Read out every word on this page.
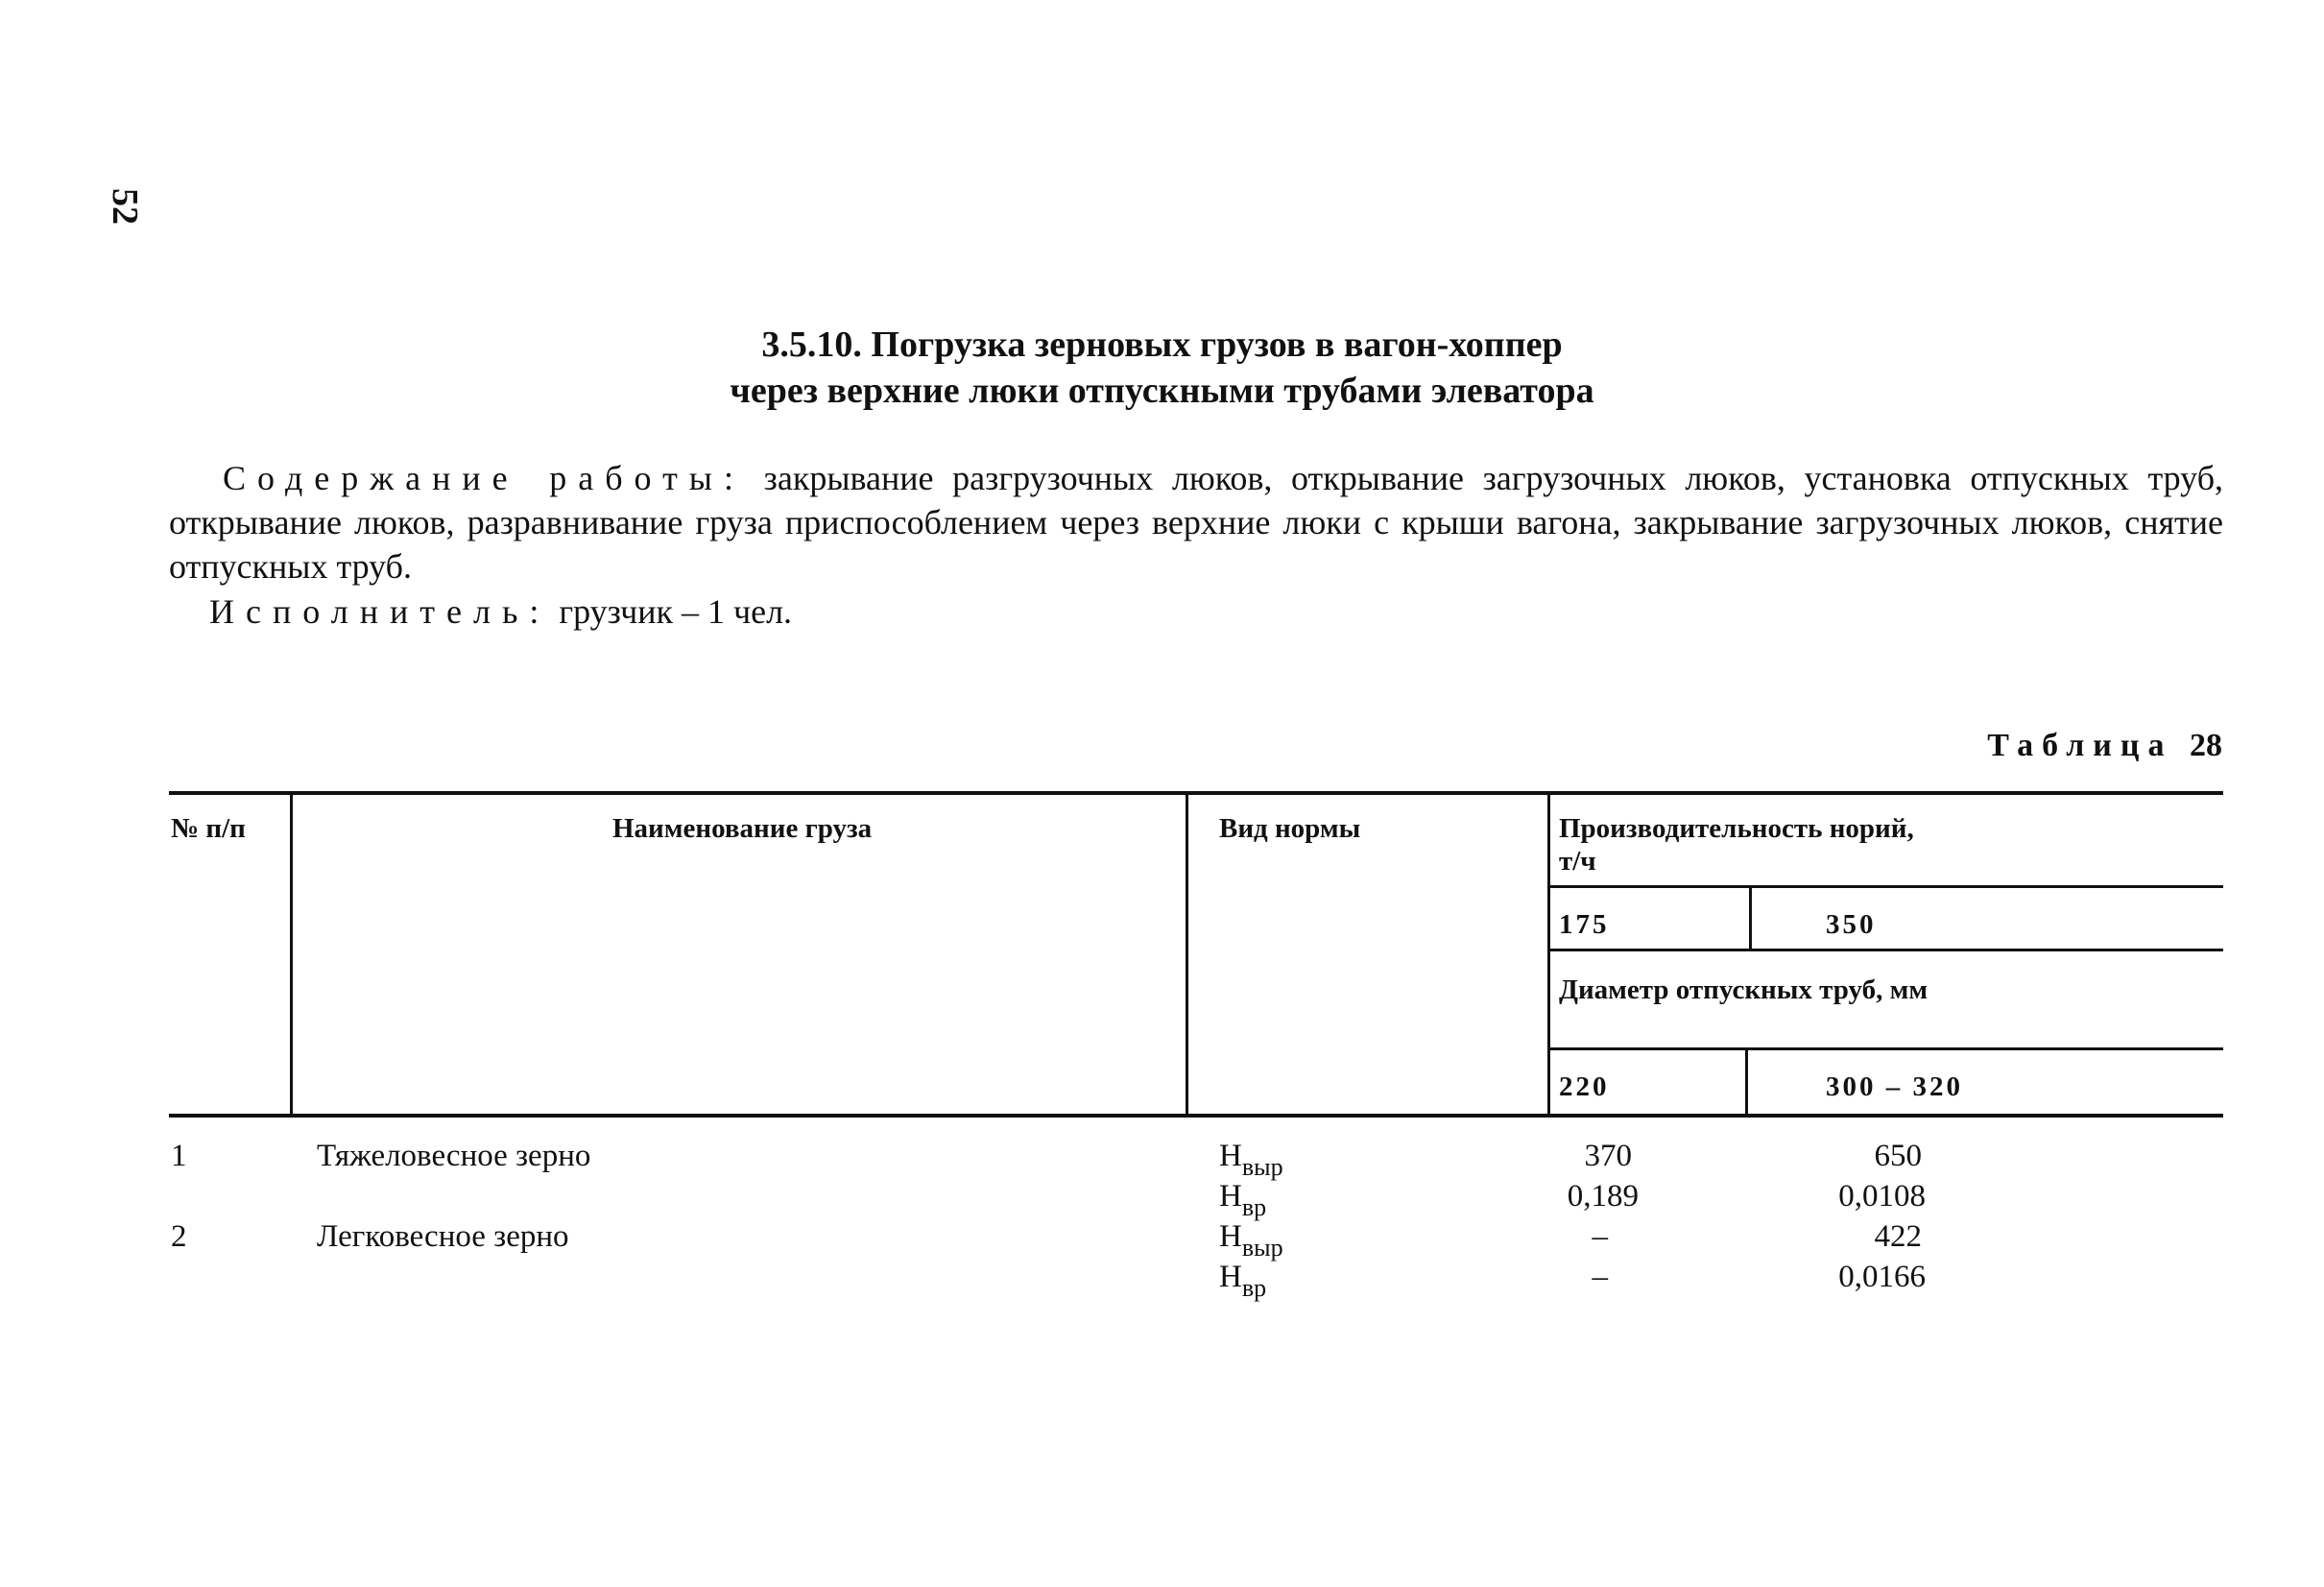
52
3.5.10. Погрузка зерновых грузов в вагон-хоппер
через верхние люки отпускными трубами элеватора
Содержание работы: закрывание разгрузочных люков, открывание загрузочных люков, установка отпускных труб, открывание люков, разравнивание груза приспособлением через верхние люки с крыши вагона, закрывание загрузочных люков, снятие отпускных труб.
Исполнитель: грузчик – 1 чел.
Таблица 28
№ п/п	Наименование груза	Вид нормы	Производительность норий, т/ч
175	350
Диаметр отпускных труб, мм
220	300 – 320
1	Тяжеловесное зерно	$Н_{выр}$	370	650
$Н_{вр}$	0,189	0,0108
2	Легковесное зерно	$Н_{выр}$	–	422
$Н_{вр}$	–	0,0166
